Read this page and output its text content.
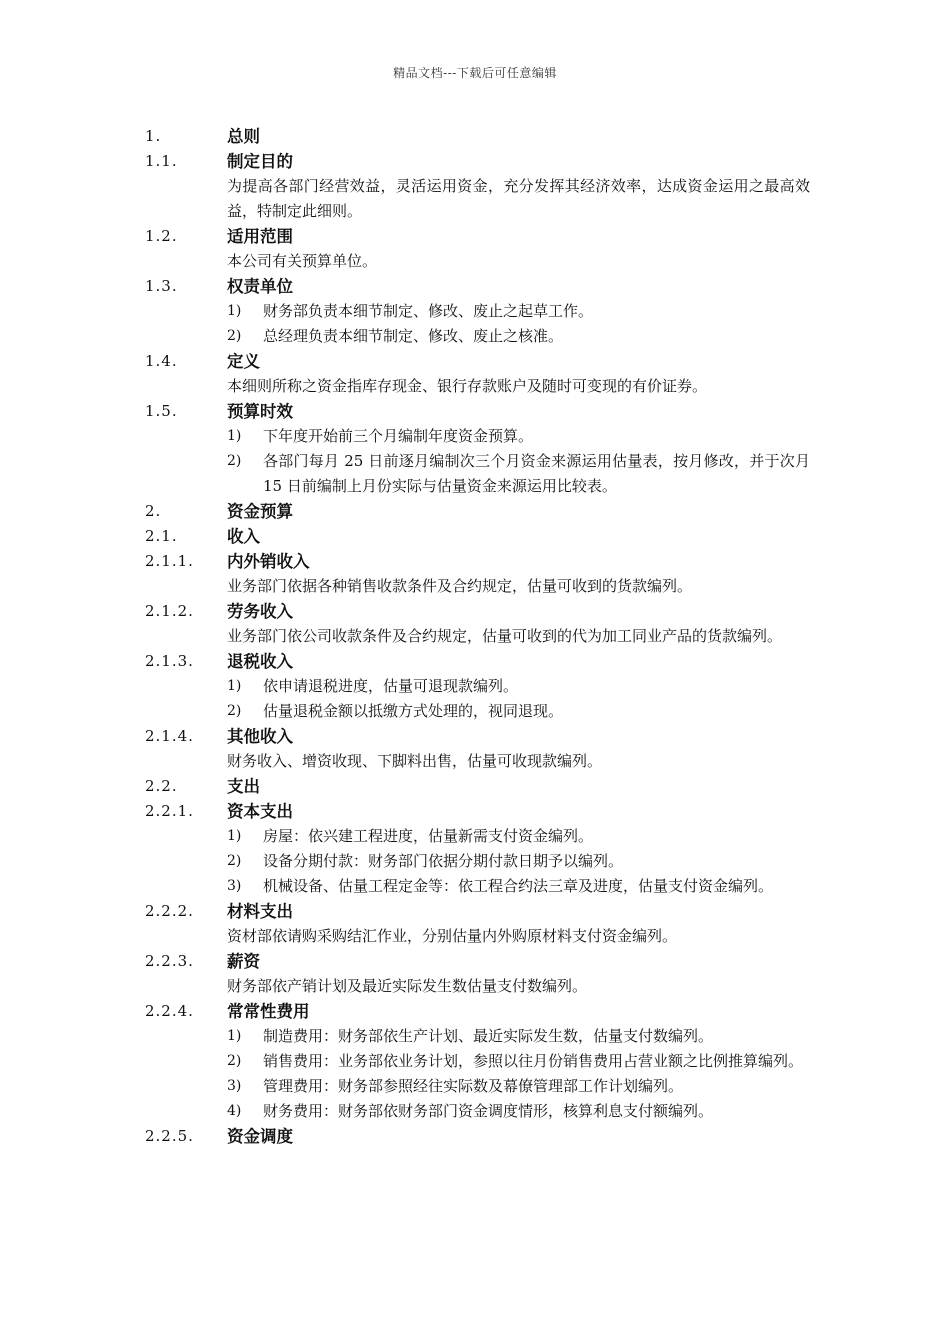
精品文档---下载后可任意编辑
1.	总则
1.1.	制定目的
为提高各部门经营效益，灵活运用资金，充分发挥其经济效率，达成资金运用之最高效益，特制定此细则。
1.2.	适用范围
本公司有关预算单位。
1.3.	权责单位
1)	财务部负责本细节制定、修改、废止之起草工作。
2)	总经理负责本细节制定、修改、废止之核准。
1.4.	定义
本细则所称之资金指库存现金、银行存款账户及随时可变现的有价证券。
1.5.	预算时效
1)	下年度开始前三个月编制年度资金预算。
2)	各部门每月 25 日前逐月编制次三个月资金来源运用估量表，按月修改，并于次月 15 日前编制上月份实际与估量资金来源运用比较表。
2.	资金预算
2.1.	收入
2.1.1.	内外销收入
业务部门依据各种销售收款条件及合约规定，估量可收到的货款编列。
2.1.2.	劳务收入
业务部门依公司收款条件及合约规定，估量可收到的代为加工同业产品的货款编列。
2.1.3.	退税收入
1)	依申请退税进度，估量可退现款编列。
2)	估量退税金额以抵缴方式处理的，视同退现。
2.1.4.	其他收入
财务收入、增资收现、下脚料出售，估量可收现款编列。
2.2.	支出
2.2.1.	资本支出
1)	房屋：依兴建工程进度，估量新需支付资金编列。
2)	设备分期付款：财务部门依据分期付款日期予以编列。
3)	机械设备、估量工程定金等：依工程合约法三章及进度，估量支付资金编列。
2.2.2.	材料支出
资材部依请购采购结汇作业，分别估量内外购原材料支付资金编列。
2.2.3.	薪资
财务部依产销计划及最近实际发生数估量支付数编列。
2.2.4.	常常性费用
1)	制造费用：财务部依生产计划、最近实际发生数，估量支付数编列。
2)	销售费用：业务部依业务计划，参照以往月份销售费用占营业额之比例推算编列。
3)	管理费用：财务部参照经往实际数及幕僚管理部工作计划编列。
4)	财务费用：财务部依财务部门资金调度情形，核算利息支付额编列。
2.2.5.	资金调度
